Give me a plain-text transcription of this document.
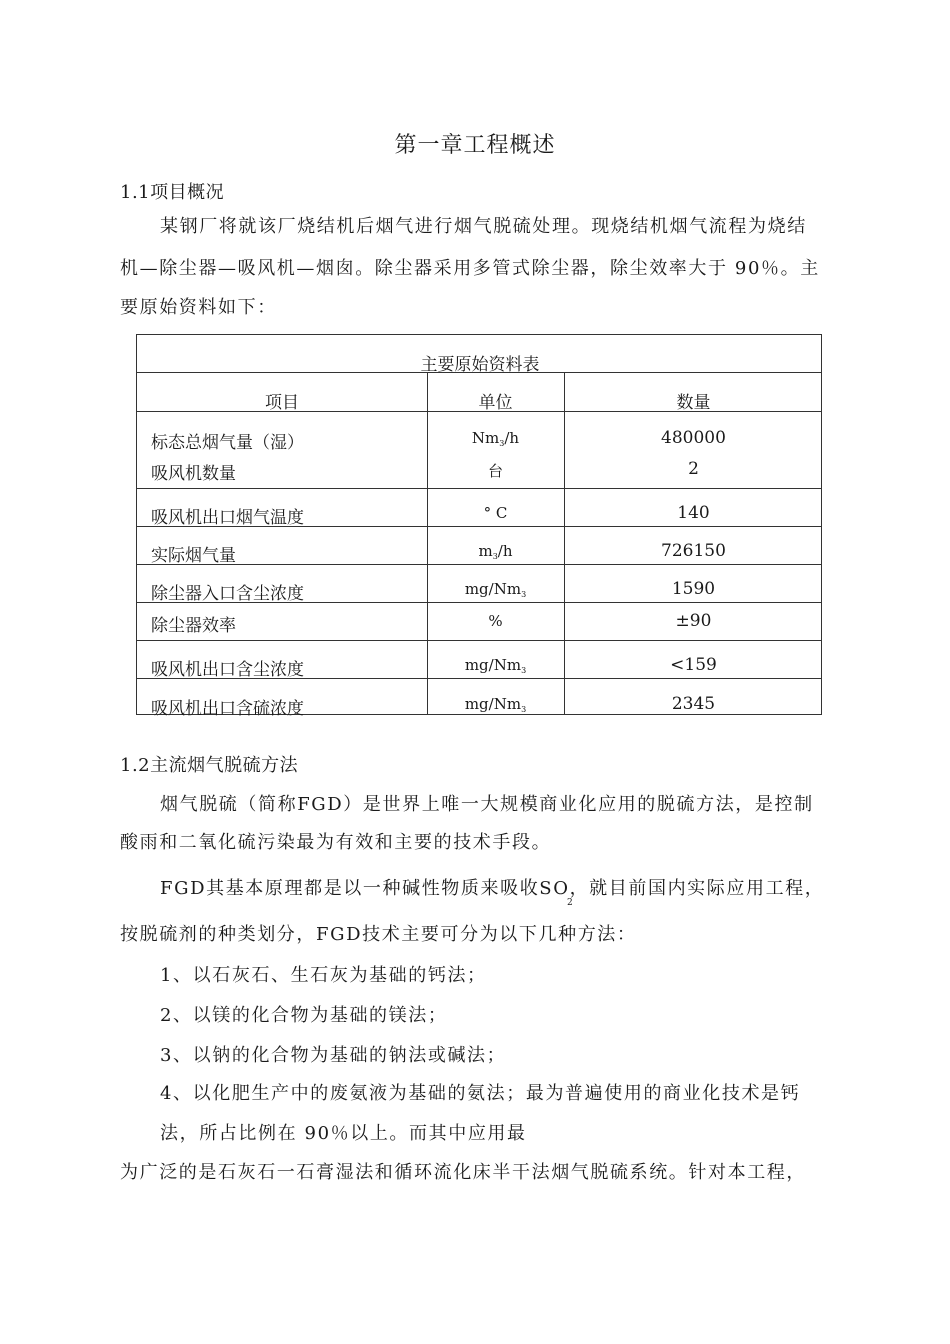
第一章工程概述
1.1项目概况
某钢厂将就该厂烧结机后烟气进行烟气脱硫处理。现烧结机烟气流程为烧结
机—除尘器—吸风机—烟囱。除尘器采用多管式除尘器，除尘效率大于 90％。主
要原始资料如下：
主要原始资料表
项目	单位	数量
标态总烟气量（湿）	$Nm_3/h$	480000
吸风机数量	台	2
吸风机出口烟气温度	° C	140
实际烟气量	$m_3/h$	726150
除尘器入口含尘浓度	$mg/Nm_3$	1590
除尘器效率	%	±90
吸风机出口含尘浓度	$mg/Nm_3$	<159
吸风机出口含硫浓度	$mg/Nm_3$	2345
1.2主流烟气脱硫方法
烟气脱硫（简称FGD）是世界上唯一大规模商业化应用的脱硫方法，是控制
酸雨和二氧化硫污染最为有效和主要的技术手段。
FGD其基本原理都是以一种碱性物质来吸收SO，就目前国内实际应用工程，
2
按脱硫剂的种类划分，FGD技术主要可分为以下几种方法：
1、以石灰石、生石灰为基础的钙法；
2、以镁的化合物为基础的镁法；
3、以钠的化合物为基础的钠法或碱法；
4、以化肥生产中的废氨液为基础的氨法；最为普遍使用的商业化技术是钙
法，所占比例在 90％以上。而其中应用最
为广泛的是石灰石一石膏湿法和循环流化床半干法烟气脱硫系统。针对本工程，
